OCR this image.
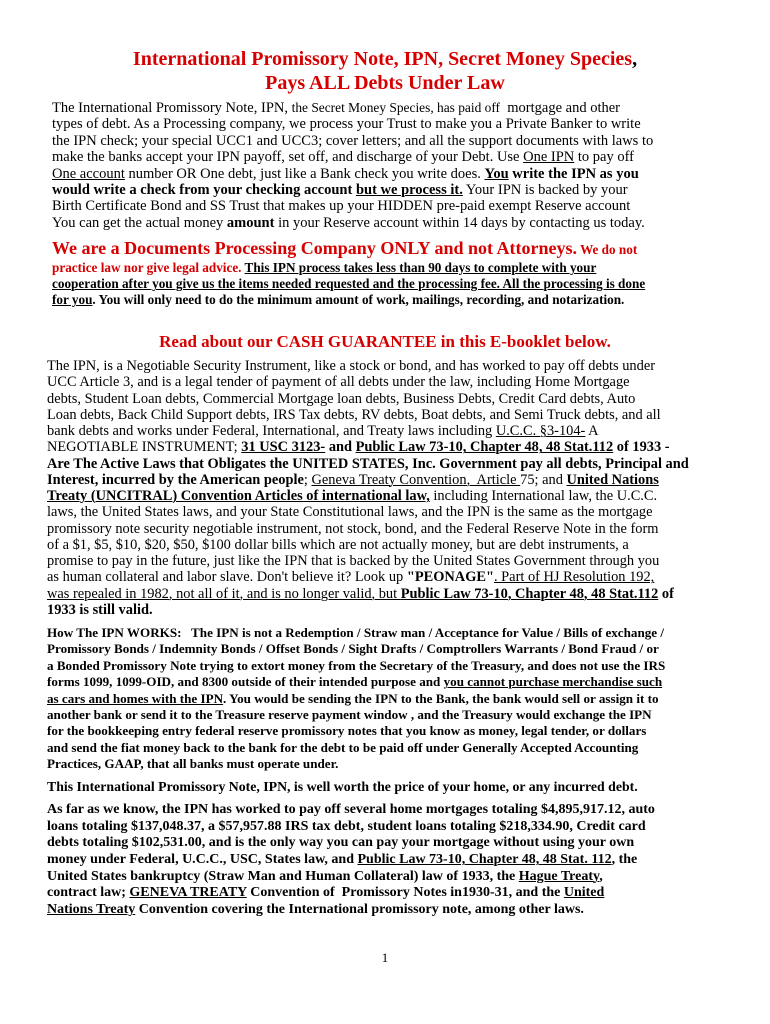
International Promissory Note, IPN, Secret Money Species,
Pays ALL Debts Under Law
The International Promissory Note, IPN, the Secret Money Species, has paid off  mortgage and other
types of debt. As a Processing company, we process your Trust to make you a Private Banker to write
the IPN check; your special UCC1 and UCC3; cover letters; and all the support documents with laws to
make the banks accept your IPN payoff, set off, and discharge of your Debt. Use One IPN to pay off
One account number OR One debt, just like a Bank check you write does. You write the IPN as you
would write a check from your checking account but we process it. Your IPN is backed by your
Birth Certificate Bond and SS Trust that makes up your HIDDEN pre-paid exempt Reserve account
You can get the actual money amount in your Reserve account within 14 days by contacting us today.
We are a Documents Processing Company ONLY and not Attorneys. We do not
practice law nor give legal advice. This IPN process takes less than 90 days to complete with your
cooperation after you give us the items needed requested and the processing fee. All the processing is done
for you. You will only need to do the minimum amount of work, mailings, recording, and notarization.
Read about our CASH GUARANTEE in this E-booklet below.
The IPN, is a Negotiable Security Instrument, like a stock or bond, and has worked to pay off debts under
UCC Article 3, and is a legal tender of payment of all debts under the law, including Home Mortgage
debts, Student Loan debts, Commercial Mortgage loan debts, Business Debts, Credit Card debts, Auto
Loan debts, Back Child Support debts, IRS Tax debts, RV debts, Boat debts, and Semi Truck debts, and all
bank debts and works under Federal, International, and Treaty laws including U.C.C. §3-104- A
NEGOTIABLE INSTRUMENT; 31 USC 3123- and Public Law 73-10, Chapter 48, 48 Stat.112 of 1933 -
Are The Active Laws that Obligates the UNITED STATES, Inc. Government pay all debts, Principal and
Interest, incurred by the American people; Geneva Treaty Convention,  Article 75; and United Nations
Treaty (UNCITRAL) Convention Articles of international law, including International law, the U.C.C.
laws, the United States laws, and your State Constitutional laws, and the IPN is the same as the mortgage
promissory note security negotiable instrument, not stock, bond, and the Federal Reserve Note in the form
of a $1, $5, $10, $20, $50, $100 dollar bills which are not actually money, but are debt instruments, a
promise to pay in the future, just like the IPN that is backed by the United States Government through you
as human collateral and labor slave. Don't believe it? Look up "PEONAGE". Part of HJ Resolution 192,
was repealed in 1982, not all of it, and is no longer valid, but Public Law 73-10, Chapter 48, 48 Stat.112 of
1933 is still valid.
How The IPN WORKS:   The IPN is not a Redemption / Straw man / Acceptance for Value / Bills of exchange /
Promissory Bonds / Indemnity Bonds / Offset Bonds / Sight Drafts / Comptrollers Warrants / Bond Fraud / or
a Bonded Promissory Note trying to extort money from the Secretary of the Treasury, and does not use the IRS
forms 1099, 1099-OID, and 8300 outside of their intended purpose and you cannot purchase merchandise such
as cars and homes with the IPN. You would be sending the IPN to the Bank, the bank would sell or assign it to
another bank or send it to the Treasure reserve payment window , and the Treasury would exchange the IPN
for the bookkeeping entry federal reserve promissory notes that you know as money, legal tender, or dollars
and send the fiat money back to the bank for the debt to be paid off under Generally Accepted Accounting
Practices, GAAP, that all banks must operate under.
This International Promissory Note, IPN, is well worth the price of your home, or any incurred debt.
As far as we know, the IPN has worked to pay off several home mortgages totaling $4,895,917.12, auto
loans totaling $137,048.37, a $57,957.88 IRS tax debt, student loans totaling $218,334.90, Credit card
debts totaling $102,531.00, and is the only way you can pay your mortgage without using your own
money under Federal, U.C.C., USC, States law, and Public Law 73-10, Chapter 48, 48 Stat. 112, the
United States bankruptcy (Straw Man and Human Collateral) law of 1933, the Hague Treaty,
contract law; GENEVA TREATY Convention of  Promissory Notes in1930-31, and the United
Nations Treaty Convention covering the International promissory note, among other laws.
1
